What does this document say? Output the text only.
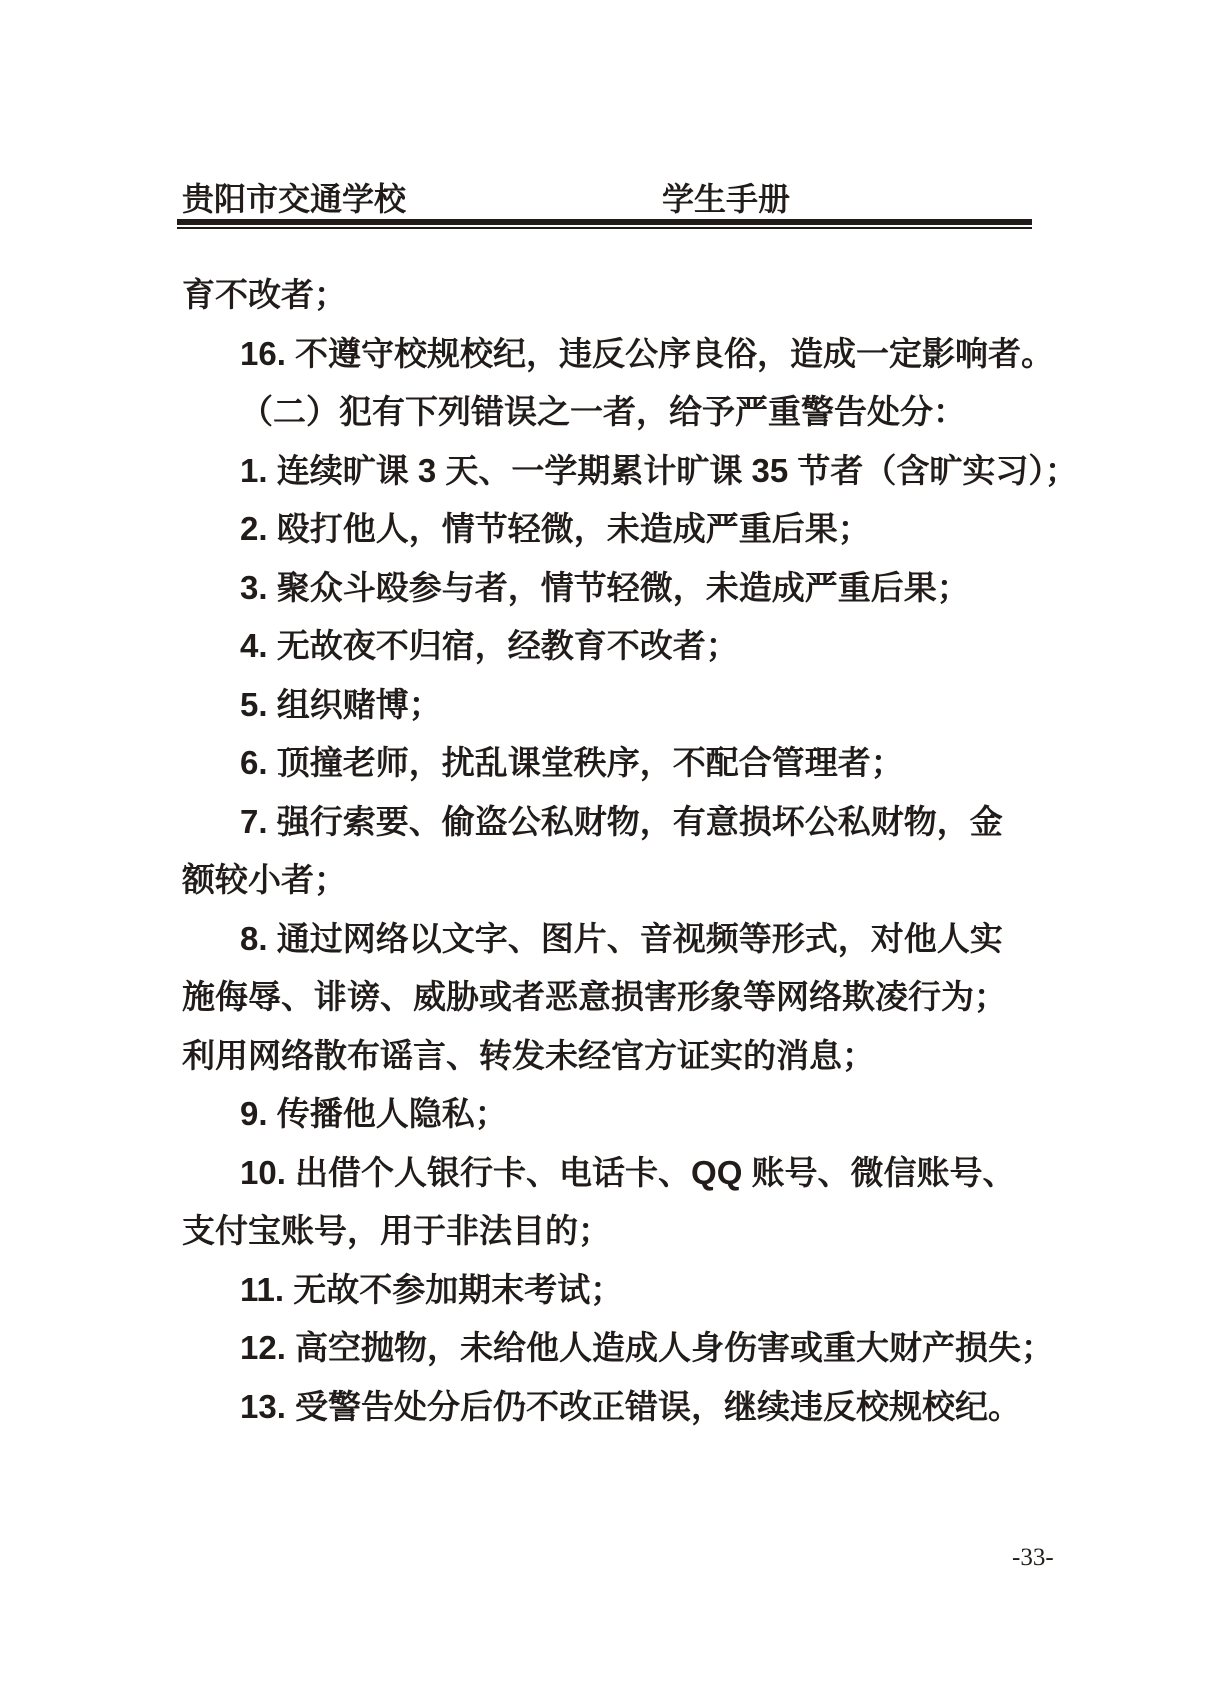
贵阳市交通学校	学生手册
育不改者；
16. 不遵守校规校纪，违反公序良俗，造成一定影响者。
（二）犯有下列错误之一者，给予严重警告处分：
1. 连续旷课 3 天、一学期累计旷课 35 节者（含旷实习）；
2. 殴打他人，情节轻微，未造成严重后果；
3. 聚众斗殴参与者，情节轻微，未造成严重后果；
4. 无故夜不归宿，经教育不改者；
5. 组织赌博；
6. 顶撞老师，扰乱课堂秩序，不配合管理者；
7. 强行索要、偷盗公私财物，有意损坏公私财物，金
额较小者；
8. 通过网络以文字、图片、音视频等形式，对他人实
施侮辱、诽谤、威胁或者恶意损害形象等网络欺凌行为；
利用网络散布谣言、转发未经官方证实的消息；
9. 传播他人隐私；
10. 出借个人银行卡、电话卡、QQ 账号、微信账号、
支付宝账号，用于非法目的；
11. 无故不参加期末考试；
12. 高空抛物，未给他人造成人身伤害或重大财产损失；
13. 受警告处分后仍不改正错误，继续违反校规校纪。
-33-
